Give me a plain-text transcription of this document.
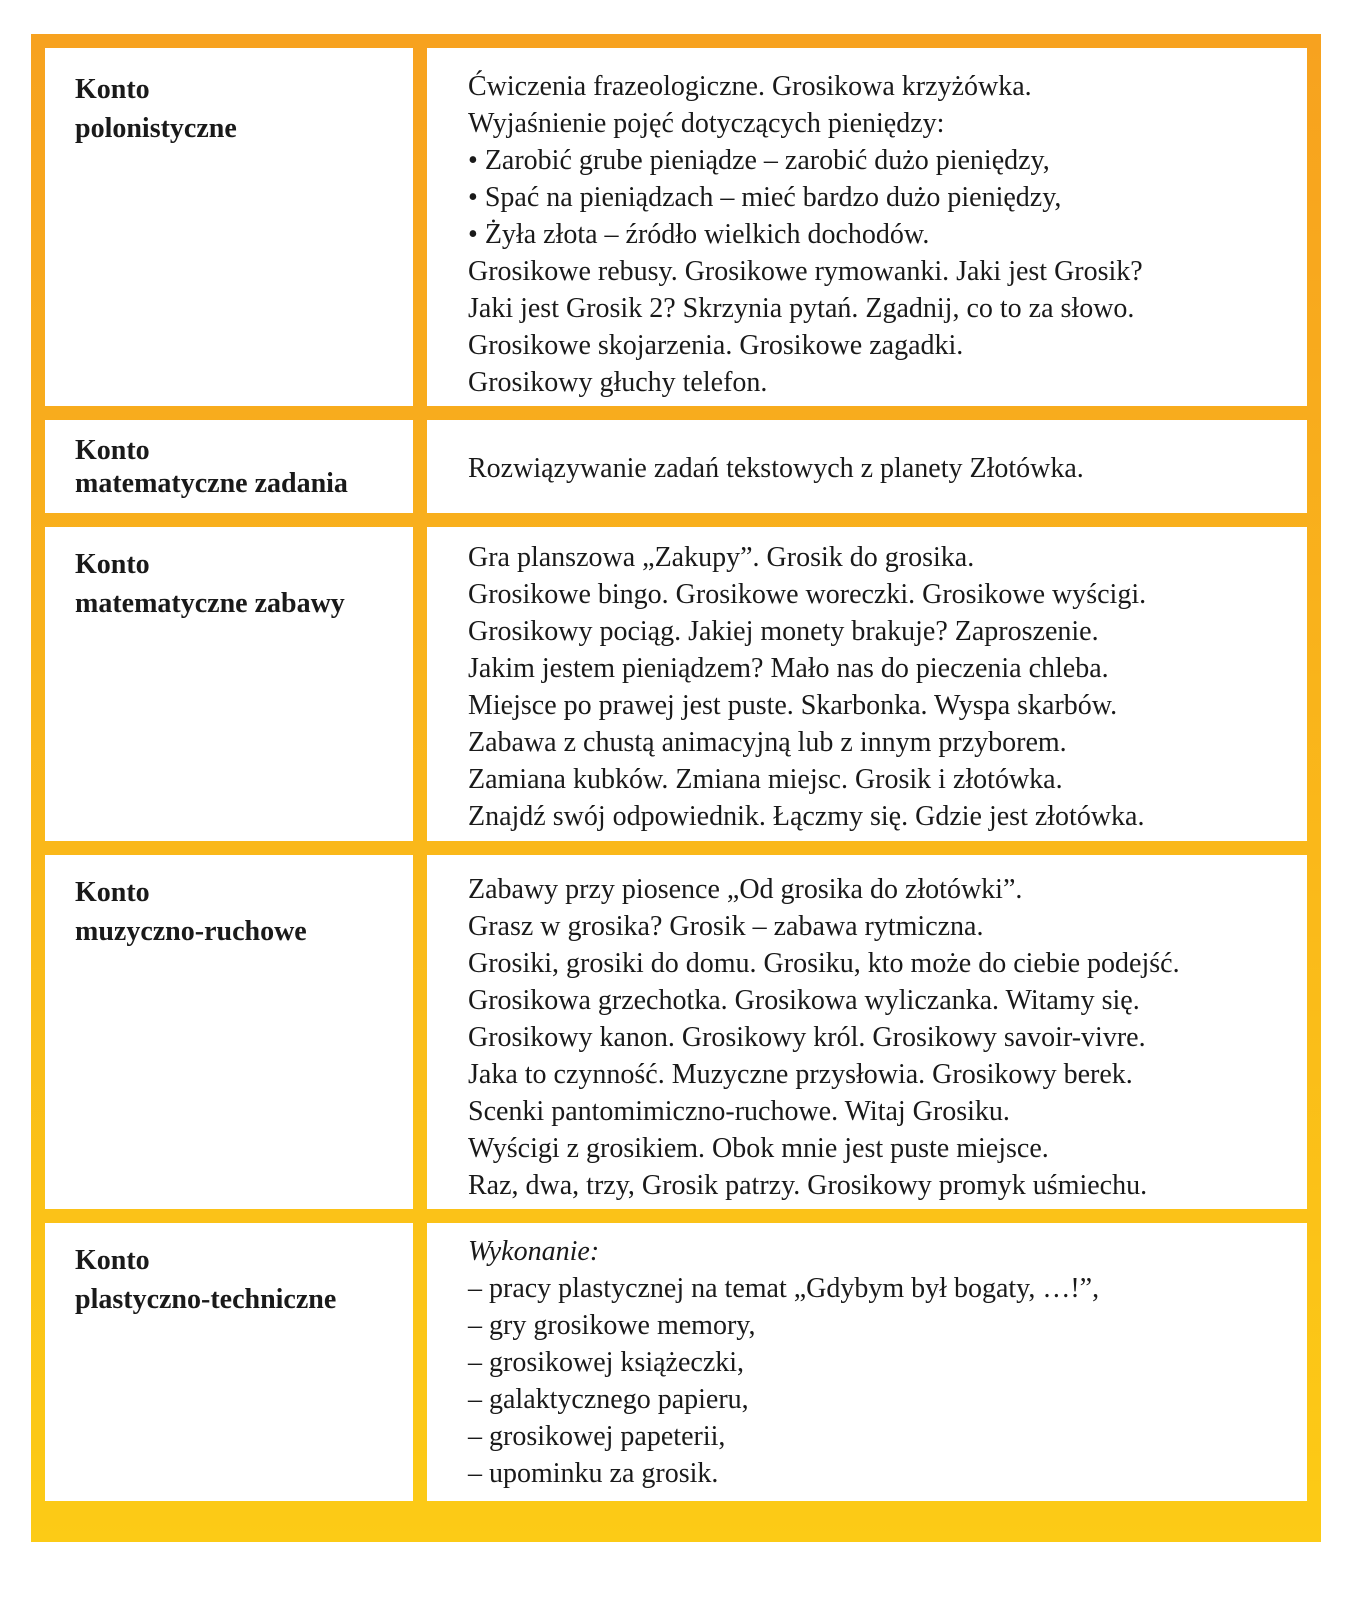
Konto

polonistyczne

Ćwiczenia frazeologiczne. Grosikowa krzyżówka.

Wyjaśnienie pojęć dotyczących pieniędzy:

• Zarobić grube pieniądze – zarobić dużo pieniędzy,

• Spać na pieniądzach – mieć bardzo dużo pieniędzy,

• Żyła złota – źródło wielkich dochodów.

Grosikowe rebusy. Grosikowe rymowanki. Jaki jest Grosik?

Jaki jest Grosik 2? Skrzynia pytań. Zgadnij, co to za słowo.

Grosikowe skojarzenia. Grosikowe zagadki.

Grosikowy głuchy telefon.

Konto

matematyczne zadania	Rozwiązywanie zadań tekstowych z planety Złotówka.

Konto

matematyczne zabawy

Gra planszowa „Zakupy”. Grosik do grosika.

Grosikowe bingo. Grosikowe woreczki. Grosikowe wyścigi.

Grosikowy pociąg. Jakiej monety brakuje? Zaproszenie.

Jakim jestem pieniądzem? Mało nas do pieczenia chleba.

Miejsce po prawej jest puste. Skarbonka. Wyspa skarbów.

Zabawa z chustą animacyjną lub z innym przyborem.

Zamiana kubków. Zmiana miejsc. Grosik i złotówka.

Znajdź swój odpowiednik. Łączmy się. Gdzie jest złotówka.

Konto

muzyczno-ruchowe

Zabawy przy piosence „Od grosika do złotówki”.

Grasz w grosika? Grosik – zabawa rytmiczna.

Grosiki, grosiki do domu. Grosiku, kto może do ciebie podejść.

Grosikowa grzechotka. Grosikowa wyliczanka. Witamy się.

Grosikowy kanon. Grosikowy król. Grosikowy savoir-vivre.

Jaka to czynność. Muzyczne przysłowia. Grosikowy berek.

Scenki pantomimiczno-ruchowe. Witaj Grosiku.

Wyścigi z grosikiem. Obok mnie jest puste miejsce.

Raz, dwa, trzy, Grosik patrzy. Grosikowy promyk uśmiechu.

Konto

plastyczno-techniczne

Wykonanie:

– pracy plastycznej na temat „Gdybym był bogaty, …!”,

– gry grosikowe memory,

– grosikowej książeczki,

– galaktycznego papieru,

– grosikowej papeterii,

– upominku za grosik.
